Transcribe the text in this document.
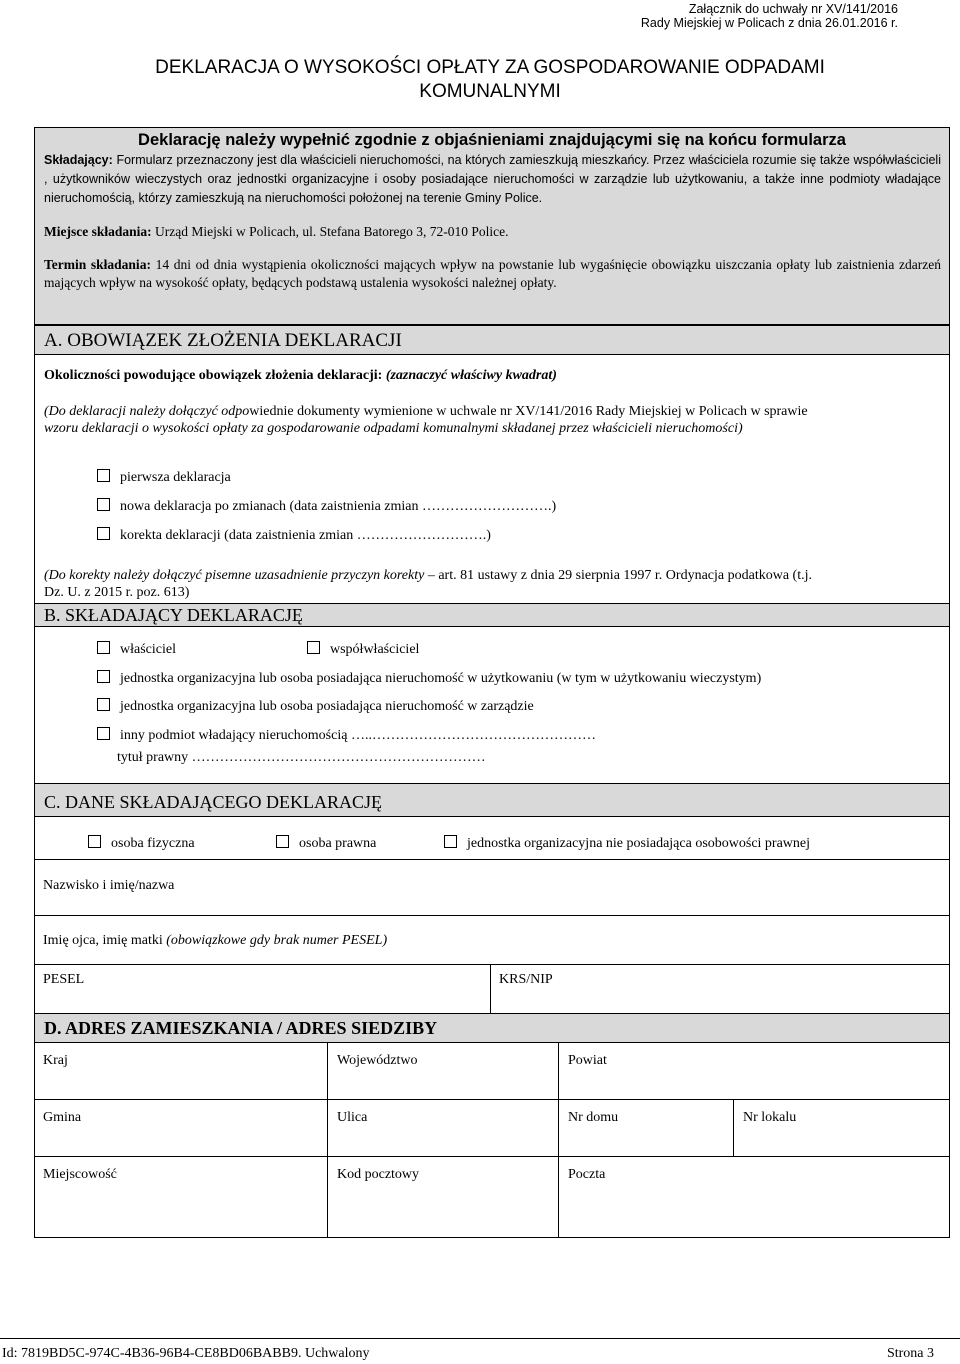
Załącznik do uchwały nr XV/141/2016
Rady Miejskiej w Policach z dnia 26.01.2016 r.
DEKLARACJA O WYSOKOŚCI OPŁATY ZA GOSPODAROWANIE ODPADAMI
KOMUNALNYMI
Deklarację należy wypełnić zgodnie z objaśnieniami znajdującymi się na końcu formularza
Składający: Formularz przeznaczony jest dla właścicieli nieruchomości, na których zamieszkują mieszkańcy. Przez właściciela rozumie się także współwłaścicieli , użytkowników wieczystych oraz jednostki organizacyjne i osoby posiadające nieruchomości w zarządzie lub użytkowaniu, a także inne podmioty władające nieruchomością, którzy zamieszkują na nieruchomości położonej na terenie Gminy Police.
Miejsce składania: Urząd Miejski w Policach, ul. Stefana Batorego 3, 72-010 Police.
Termin składania: 14 dni od dnia wystąpienia okoliczności mających wpływ na powstanie lub wygaśnięcie obowiązku uiszczania opłaty lub zaistnienia zdarzeń mających wpływ na wysokość opłaty, będących podstawą ustalenia wysokości należnej opłaty.
A. OBOWIĄZEK ZŁOŻENIA DEKLARACJI
Okoliczności powodujące obowiązek złożenia deklaracji: (zaznaczyć właściwy kwadrat)
(Do deklaracji należy dołączyć odpowiednie dokumenty wymienione w uchwale nr XV/141/2016 Rady Miejskiej w Policach w sprawie
wzoru deklaracji o wysokości opłaty za gospodarowanie odpadami komunalnymi składanej przez właścicieli nieruchomości)
pierwsza deklaracja
nowa deklaracja po zmianach (data zaistnienia zmian ……………………….)
korekta deklaracji (data zaistnienia zmian ……………………….)
(Do korekty należy dołączyć pisemne uzasadnienie przyczyn korekty – art. 81 ustawy z dnia 29 sierpnia 1997 r. Ordynacja podatkowa (t.j.
Dz. U. z 2015 r. poz. 613)
B. SKŁADAJĄCY DEKLARACJĘ
właściciel	współwłaściciel
jednostka organizacyjna lub osoba posiadająca nieruchomość w użytkowaniu (w tym w użytkowaniu wieczystym)
jednostka organizacyjna lub osoba posiadająca nieruchomość w zarządzie
inny podmiot władający nieruchomością …..…………………………………………
tytuł prawny ………………………………………………………
C. DANE SKŁADAJĄCEGO DEKLARACJĘ
osoba fizyczna	osoba prawna	jednostka organizacyjna nie posiadająca osobowości prawnej
Nazwisko i imię/nazwa
Imię ojca, imię matki (obowiązkowe gdy brak numer PESEL)
PESEL	KRS/NIP
D. ADRES ZAMIESZKANIA / ADRES SIEDZIBY
Kraj	Województwo	Powiat
Gmina	Ulica	Nr domu	Nr lokalu
Miejscowość	Kod pocztowy	Poczta
Id: 7819BD5C-974C-4B36-96B4-CE8BD06BABB9. Uchwalony	Strona 3
